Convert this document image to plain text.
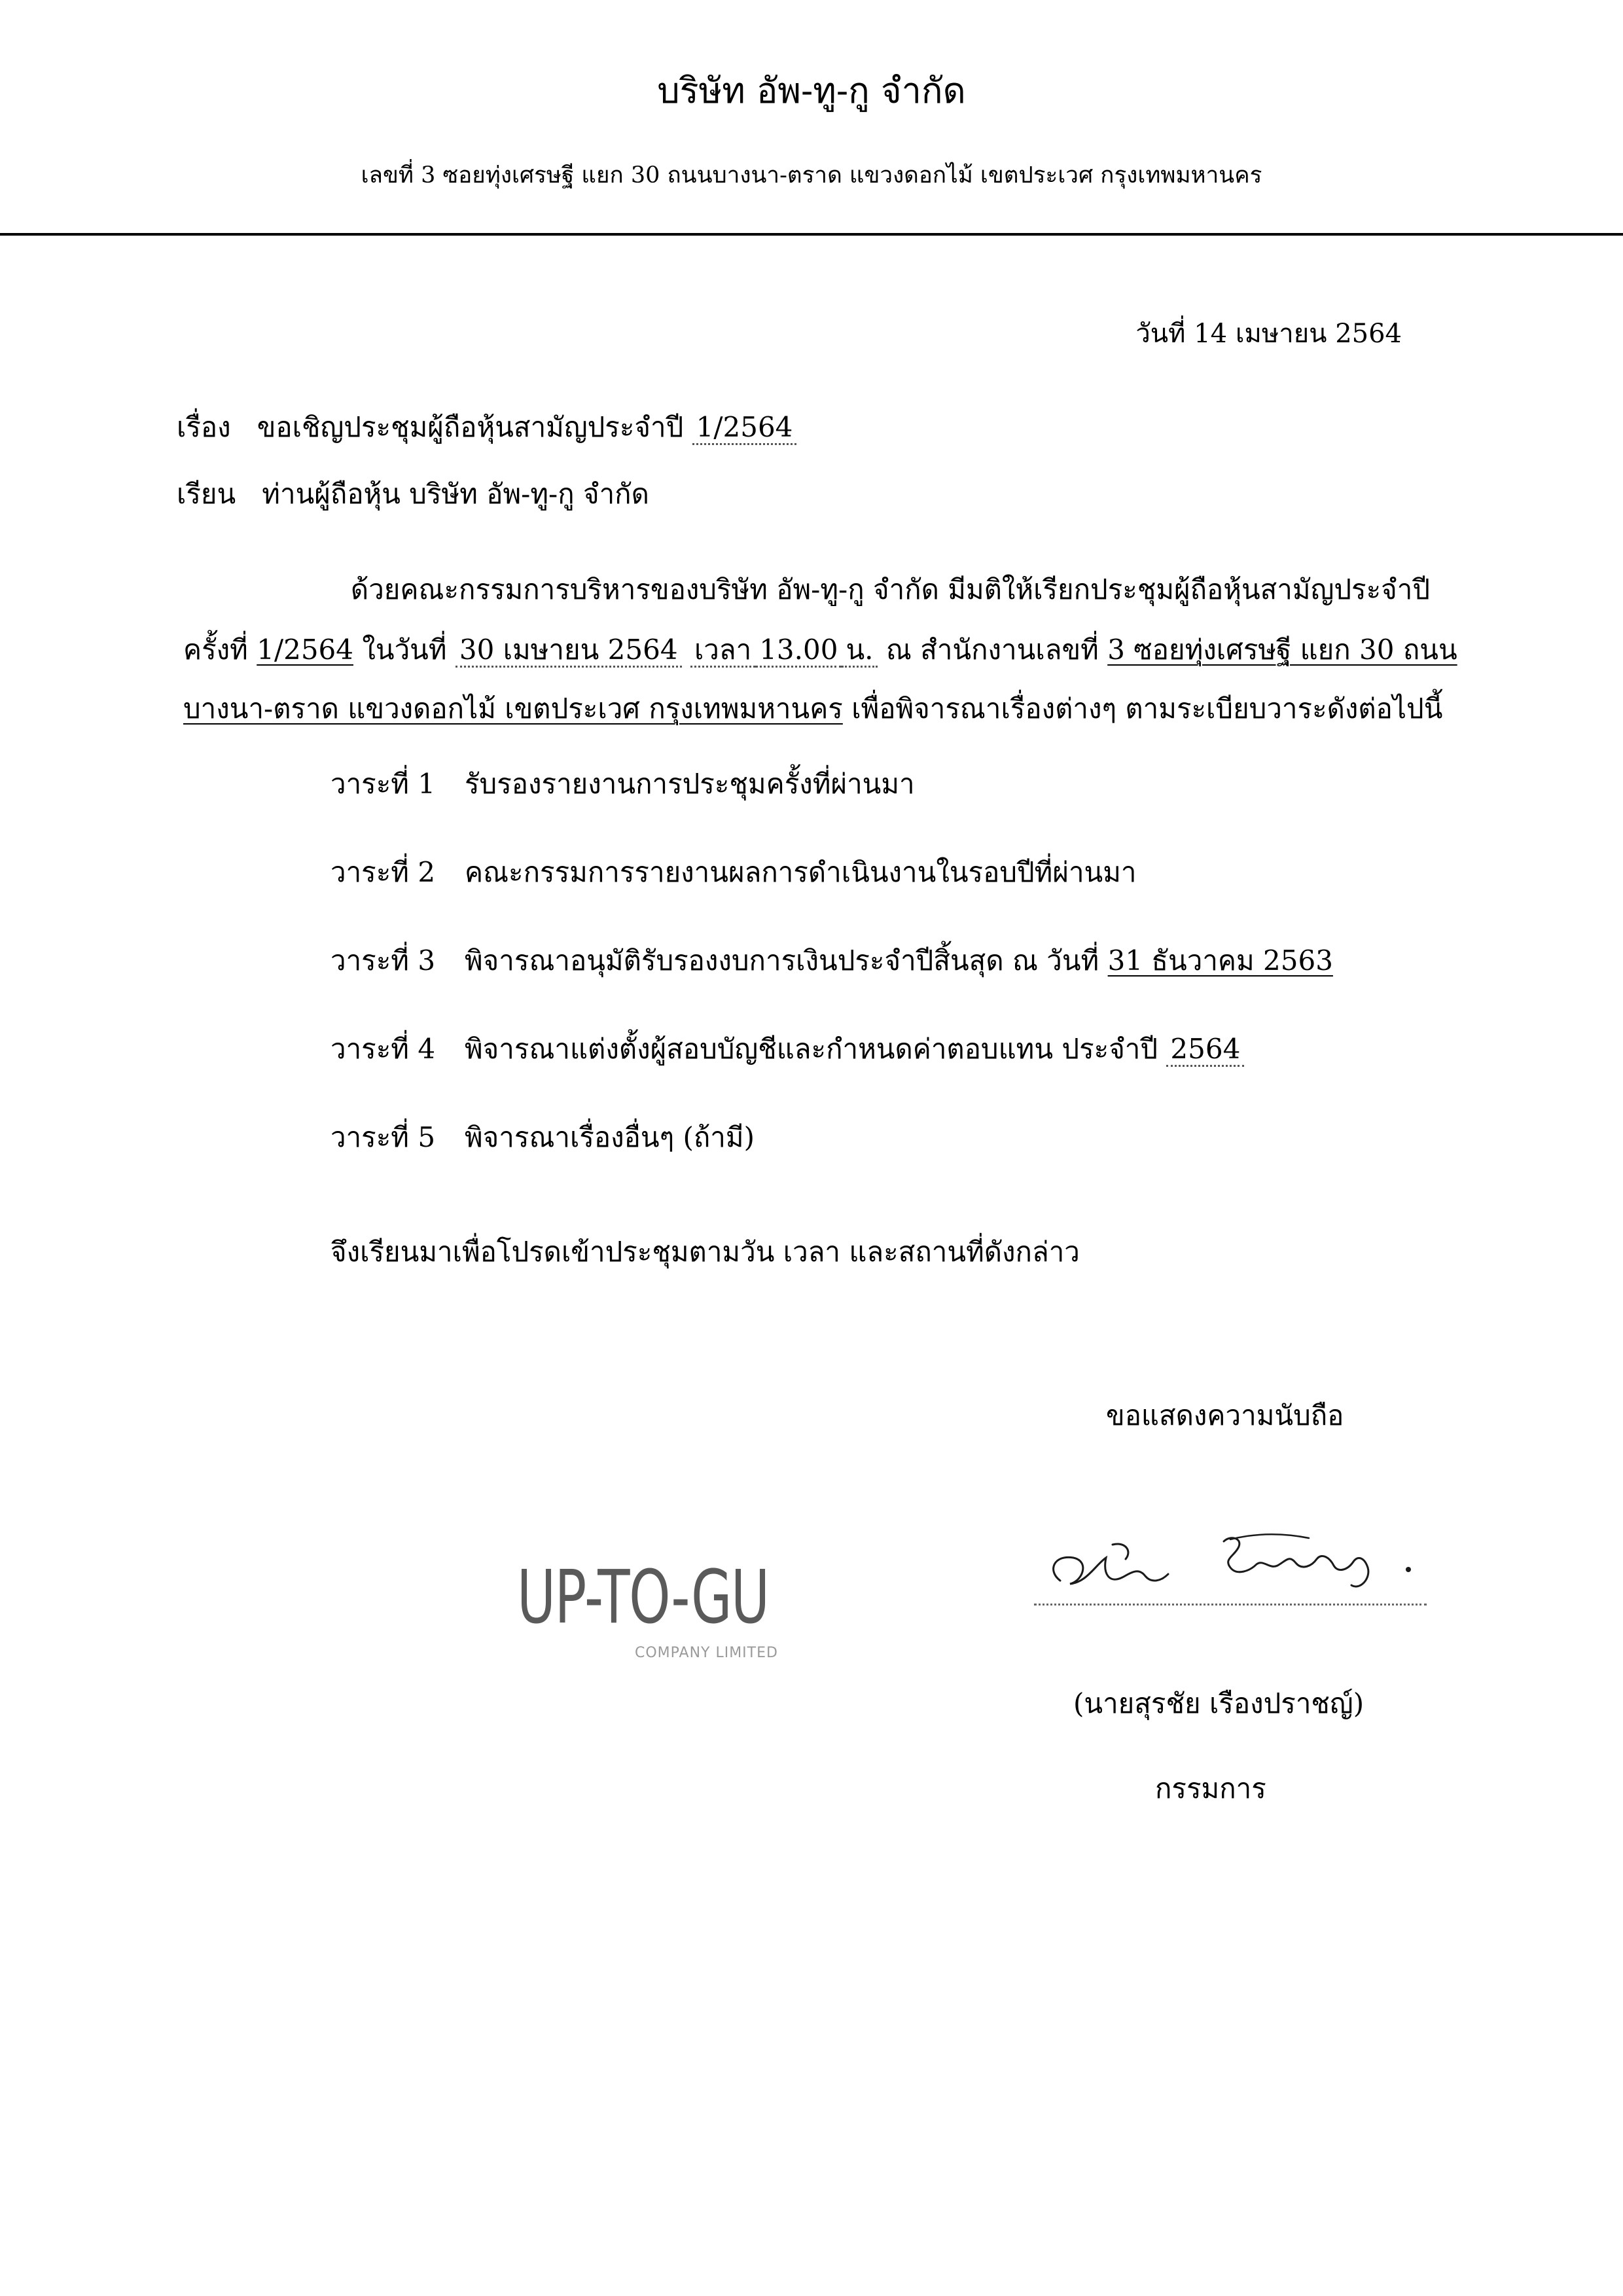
บริษัท อัพ-ทู-กู จำกัด
เลขที่ 3 ซอยทุ่งเศรษฐี แยก 30 ถนนบางนา-ตราด แขวงดอกไม้ เขตประเวศ กรุงเทพมหานคร
วันที่ 14 เมษายน 2564
เรื่อง ขอเชิญประชุมผู้ถือหุ้นสามัญประจำปี 1/2564
เรียน ท่านผู้ถือหุ้น บริษัท อัพ-ทู-กู จำกัด
ด้วยคณะกรรมการบริหารของบริษัท อัพ-ทู-กู จำกัด มีมติให้เรียกประชุมผู้ถือหุ้นสามัญประจำปี
ครั้งที่ 1/2564 ในวันที่ 30 เมษายน 2564 เวลา 13.00 น. ณ สำนักงานเลขที่ 3 ซอยทุ่งเศรษฐี แยก 30 ถนน
บางนา-ตราด แขวงดอกไม้ เขตประเวศ กรุงเทพมหานคร เพื่อพิจารณาเรื่องต่างๆ ตามระเบียบวาระดังต่อไปนี้
วาระที่ 1 รับรองรายงานการประชุมครั้งที่ผ่านมา
วาระที่ 2 คณะกรรมการรายงานผลการดำเนินงานในรอบปีที่ผ่านมา
วาระที่ 3 พิจารณาอนุมัติรับรองงบการเงินประจำปีสิ้นสุด ณ วันที่ 31 ธันวาคม 2563
วาระที่ 4 พิจารณาแต่งตั้งผู้สอบบัญชีและกำหนดค่าตอบแทน ประจำปี 2564
วาระที่ 5 พิจารณาเรื่องอื่นๆ (ถ้ามี)
จึงเรียนมาเพื่อโปรดเข้าประชุมตามวัน เวลา และสถานที่ดังกล่าว
ขอแสดงความนับถือ
UP-TO-GU
COMPANY LIMITED
(นายสุรชัย เรืองปราชญ์)
กรรมการ
